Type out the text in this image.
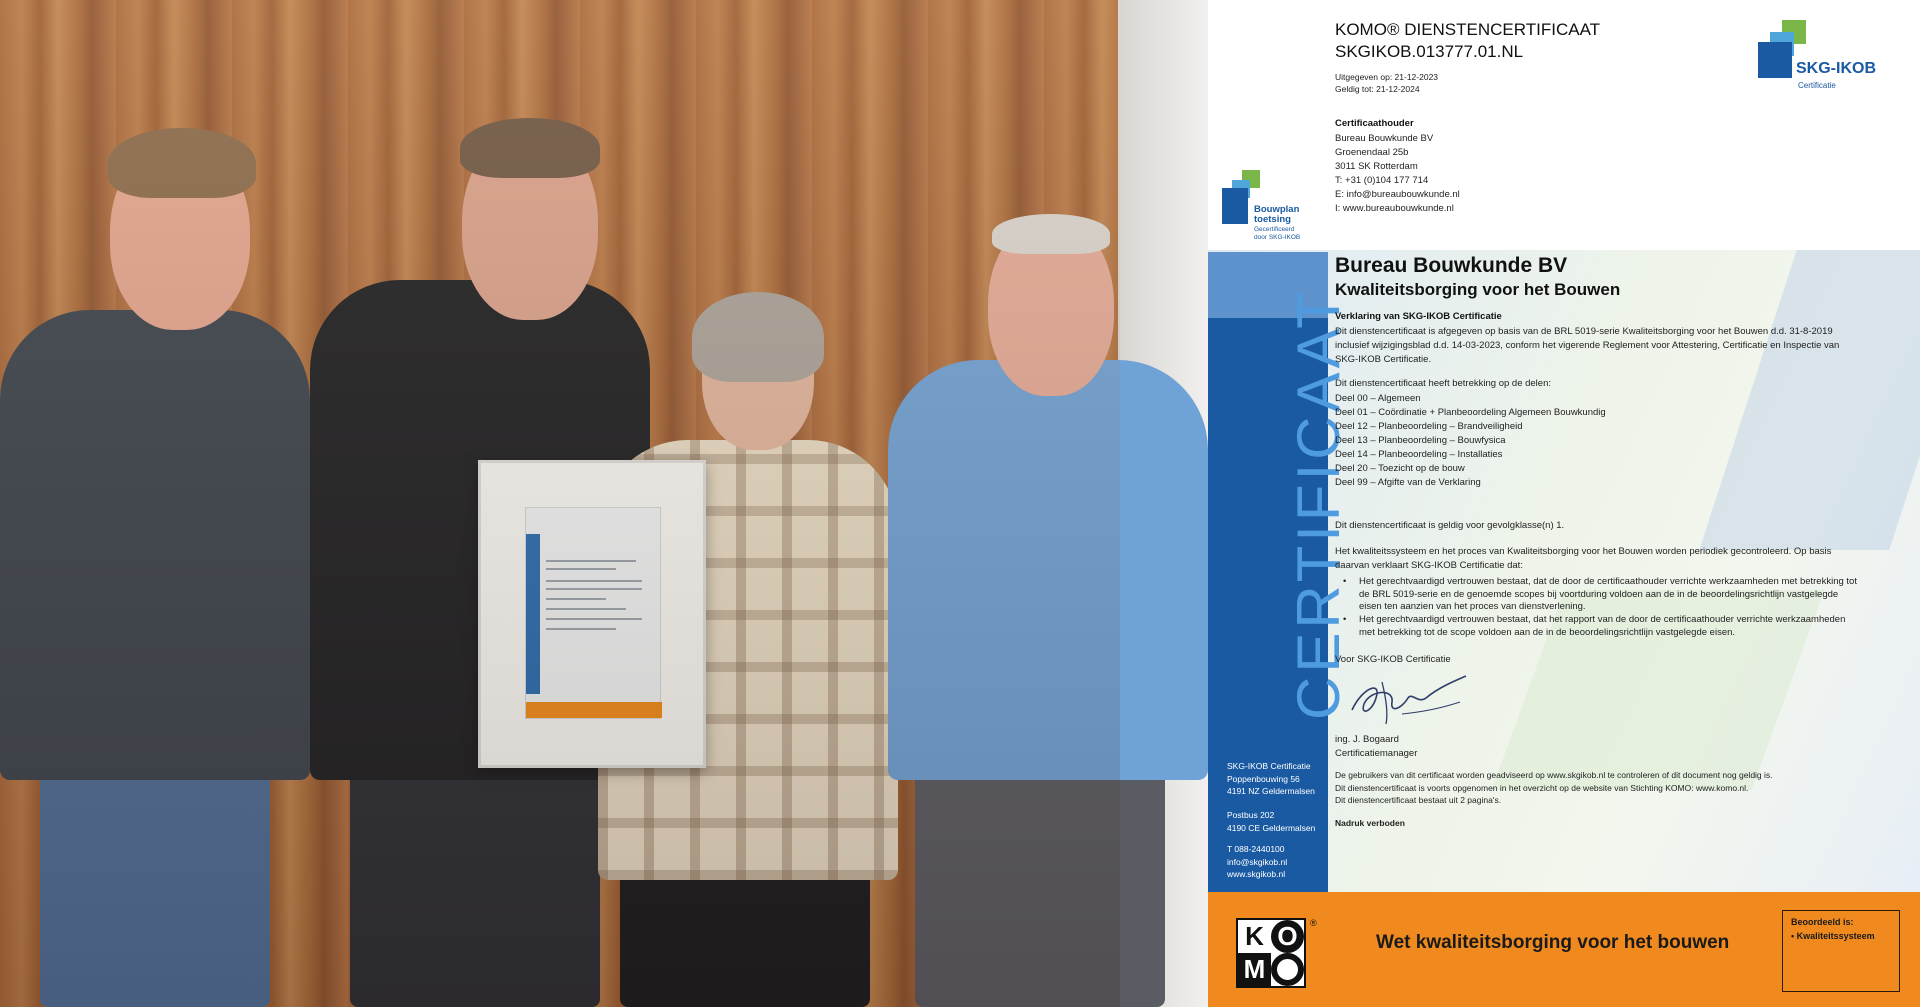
KOMO® DIENSTENCERTIFICAAT
SKGIKOB.013777.01.NL
Uitgegeven op: 21-12-2023
Geldig tot: 21-12-2024
Certificaathouder
Bureau Bouwkunde BV
Groenendaal 25b
3011 SK Rotterdam
T: +31 (0)104 177 714
E: info@bureaubouwkunde.nl
I: www.bureaubouwkunde.nl
SKG-IKOB
Certificatie
Bouwplan
toetsing
Gecertificeerd
door SKG-IKOB
CERTIFICAAT
SKG-IKOB Certificatie
Poppenbouwing 56
4191 NZ Geldermalsen
Postbus 202
4190 CE Geldermalsen
T 088-2440100
info@skgikob.nl
www.skgikob.nl
Bureau Bouwkunde BV
Kwaliteitsborging voor het Bouwen
Verklaring van SKG-IKOB Certificatie
Dit dienstencertificaat is afgegeven op basis van de BRL 5019-serie Kwaliteitsborging voor het Bouwen d.d. 31-8-2019 inclusief wijzigingsblad d.d. 14-03-2023, conform het vigerende Reglement voor Attestering, Certificatie en Inspectie van SKG-IKOB Certificatie.
Dit dienstencertificaat heeft betrekking op de delen:
Deel 00 – Algemeen
Deel 01 – Coördinatie + Planbeoordeling Algemeen Bouwkundig
Deel 12 – Planbeoordeling – Brandveiligheid
Deel 13 – Planbeoordeling – Bouwfysica
Deel 14 – Planbeoordeling – Installaties
Deel 20 – Toezicht op de bouw
Deel 99 – Afgifte van de Verklaring
Dit dienstencertificaat is geldig voor gevolgklasse(n) 1.
Het kwaliteitssysteem en het proces van Kwaliteitsborging voor het Bouwen worden periodiek gecontroleerd. Op basis daarvan verklaart SKG-IKOB Certificatie dat:
• Het gerechtvaardigd vertrouwen bestaat, dat de door de certificaathouder verrichte werkzaamheden met betrekking tot de BRL 5019-serie en de genoemde scopes bij voortduring voldoen aan de in de beoordelingsrichtlijn vastgelegde eisen ten aanzien van het proces van dienstverlening.
• Het gerechtvaardigd vertrouwen bestaat, dat het rapport van de door de certificaathouder verrichte werkzaamheden met betrekking tot de scope voldoen aan de in de beoordelingsrichtlijn vastgelegde eisen.
Voor SKG-IKOB Certificatie
ing. J. Bogaard
Certificatiemanager
De gebruikers van dit certificaat worden geadviseerd op www.skgikob.nl te controleren of dit document nog geldig is.
Dit dienstencertificaat is voorts opgenomen in het overzicht op de website van Stichting KOMO: www.komo.nl.
Dit dienstencertificaat bestaat uit 2 pagina's.
Nadruk verboden
K O
M
®
Wet kwaliteitsborging voor het bouwen
Beoordeeld is:
• Kwaliteitssysteem
